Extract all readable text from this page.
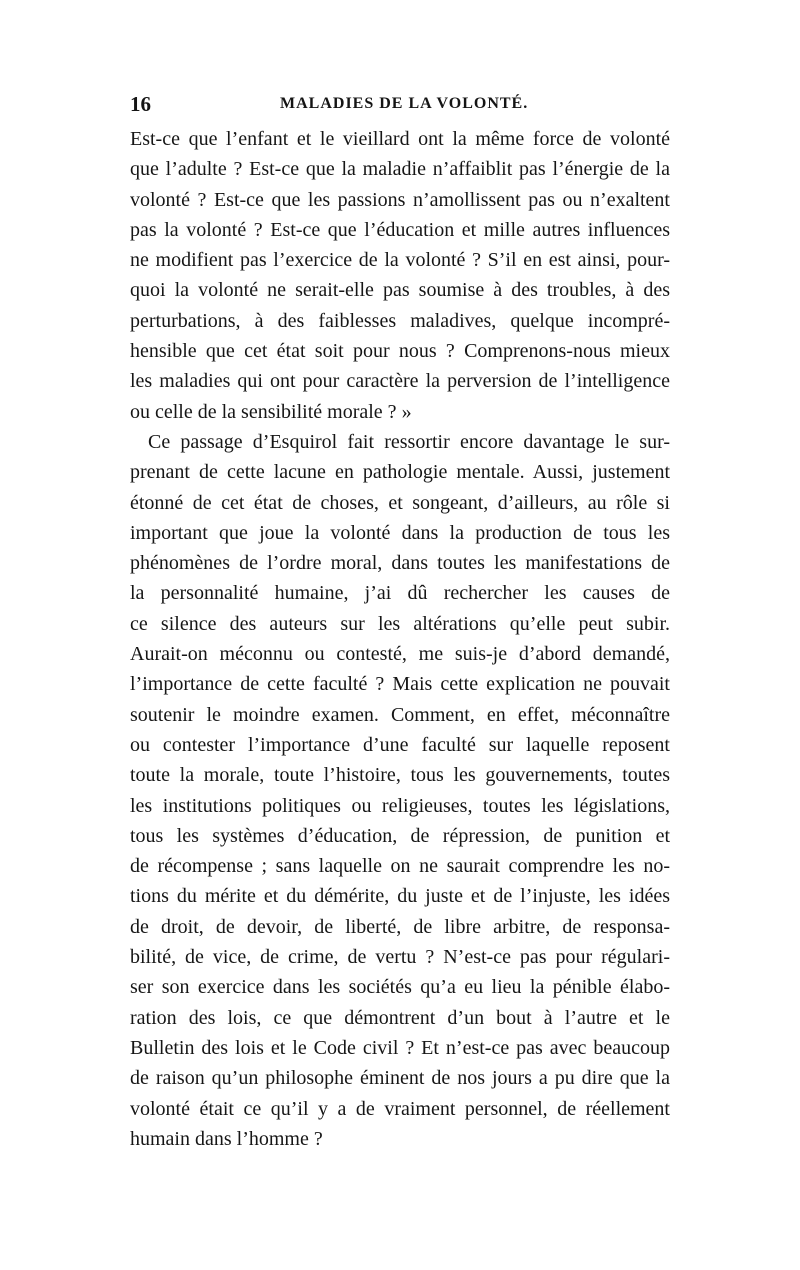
16	MALADIES DE LA VOLONTÉ.
Est-ce que l’enfant et le vieillard ont la même force de volonté
que l’adulte ? Est-ce que la maladie n’affaiblit pas l’énergie de la
volonté ? Est-ce que les passions n’amollissent pas ou n’exaltent
pas la volonté ? Est-ce que l’éducation et mille autres influences
ne modifient pas l’exercice de la volonté ? S’il en est ainsi, pour-
quoi la volonté ne serait-elle pas soumise à des troubles, à des
perturbations, à des faiblesses maladives, quelque incompré-
hensible que cet état soit pour nous ? Comprenons-nous mieux
les maladies qui ont pour caractère la perversion de l’intelligence
ou celle de la sensibilité morale ? »
Ce passage d’Esquirol fait ressortir encore davantage le sur-
prenant de cette lacune en pathologie mentale. Aussi, justement
étonné de cet état de choses, et songeant, d’ailleurs, au rôle si
important que joue la volonté dans la production de tous les
phénomènes de l’ordre moral, dans toutes les manifestations de
la personnalité humaine, j’ai dû rechercher les causes de
ce silence des auteurs sur les altérations qu’elle peut subir.
Aurait-on méconnu ou contesté, me suis-je d’abord demandé,
l’importance de cette faculté ? Mais cette explication ne pouvait
soutenir le moindre examen. Comment, en effet, méconnaître
ou contester l’importance d’une faculté sur laquelle reposent
toute la morale, toute l’histoire, tous les gouvernements, toutes
les institutions politiques ou religieuses, toutes les législations,
tous les systèmes d’éducation, de répression, de punition et
de récompense ; sans laquelle on ne saurait comprendre les no-
tions du mérite et du démérite, du juste et de l’injuste, les idées
de droit, de devoir, de liberté, de libre arbitre, de responsa-
bilité, de vice, de crime, de vertu ? N’est-ce pas pour régulari-
ser son exercice dans les sociétés qu’a eu lieu la pénible élabo-
ration des lois, ce que démontrent d’un bout à l’autre et le
Bulletin des lois et le Code civil ? Et n’est-ce pas avec beaucoup
de raison qu’un philosophe éminent de nos jours a pu dire que la
volonté était ce qu’il y a de vraiment personnel, de réellement
humain dans l’homme ?
